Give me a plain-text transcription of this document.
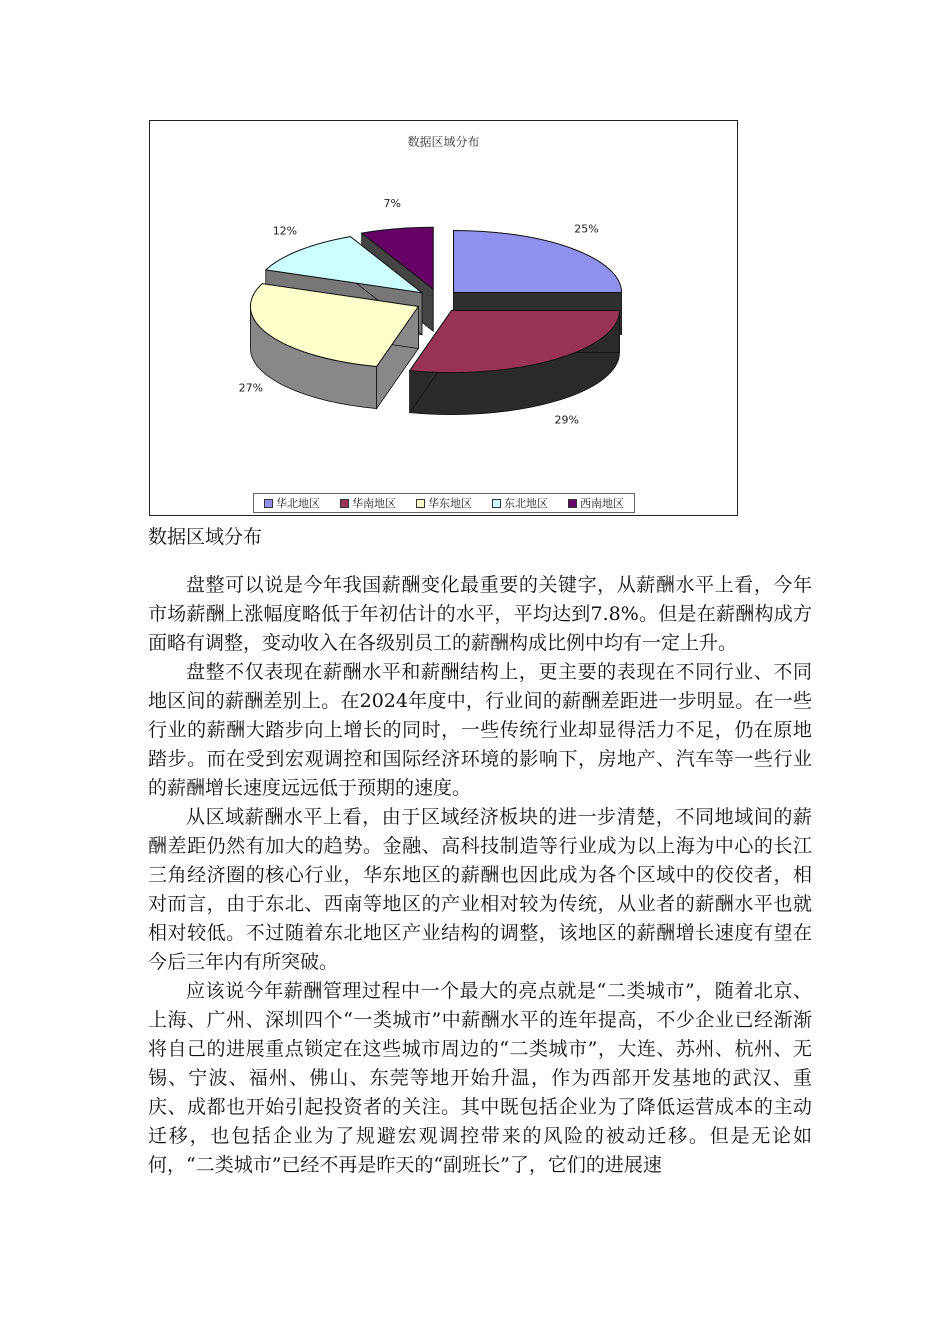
数据区域分布
25%
29%
27%
12%
7%
华北地区	华南地区	华东地区	东北地区	西南地区
数据区域分布

盘整可以说是今年我国薪酬变化最重要的关键字，从薪酬水平上看，今年市场薪酬上涨幅度略低于年初估计的水平，平均达到7.8%。但是在薪酬构成方面略有调整，变动收入在各级别员工的薪酬构成比例中均有一定上升。

盘整不仅表现在薪酬水平和薪酬结构上，更主要的表现在不同行业、不同地区间的薪酬差别上。在2024年度中，行业间的薪酬差距进一步明显。在一些行业的薪酬大踏步向上增长的同时，一些传统行业却显得活力不足，仍在原地踏步。而在受到宏观调控和国际经济环境的影响下，房地产、汽车等一些行业的薪酬增长速度远远低于预期的速度。

从区域薪酬水平上看，由于区域经济板块的进一步清楚，不同地域间的薪酬差距仍然有加大的趋势。金融、高科技制造等行业成为以上海为中心的长江三角经济圈的核心行业，华东地区的薪酬也因此成为各个区域中的佼佼者，相对而言，由于东北、西南等地区的产业相对较为传统，从业者的薪酬水平也就相对较低。不过随着东北地区产业结构的调整，该地区的薪酬增长速度有望在今后三年内有所突破。

应该说今年薪酬管理过程中一个最大的亮点就是“二类城市”，随着北京、上海、广州、深圳四个“一类城市”中薪酬水平的连年提高，不少企业已经渐渐将自己的进展重点锁定在这些城市周边的“二类城市”，大连、苏州、杭州、无锡、宁波、福州、佛山、东莞等地开始升温，作为西部开发基地的武汉、重庆、成都也开始引起投资者的关注。其中既包括企业为了降低运营成本的主动迁移，也包括企业为了规避宏观调控带来的风险的被动迁移。但是无论如何，“二类城市”已经不再是昨天的“副班长”了，它们的进展速
